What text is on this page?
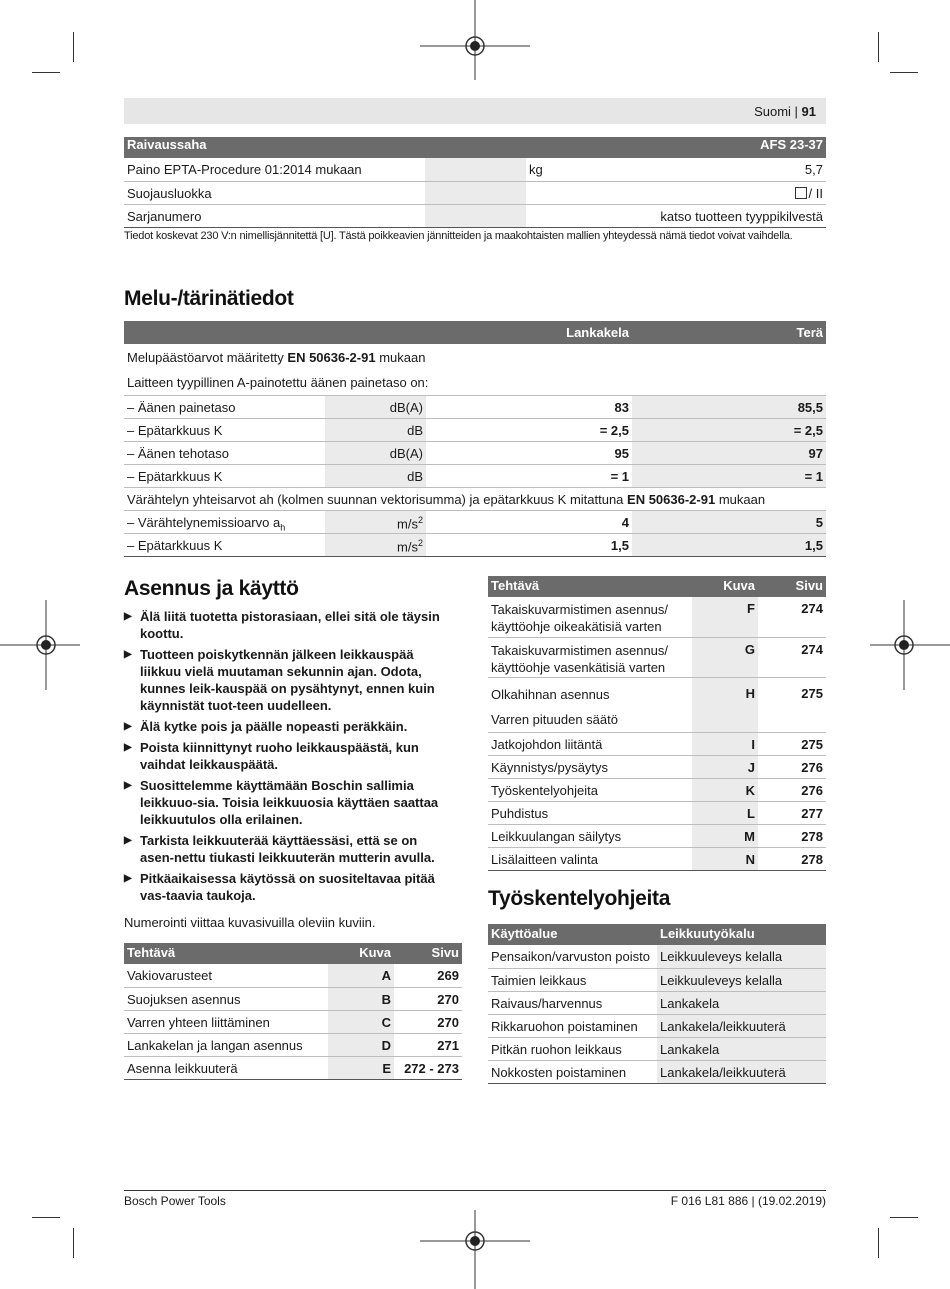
Suomi | 91
Raivaussaha			AFS 23-37
Paino EPTA-Procedure 01:2014 mukaan		kg	5,7
Suojausluokka			/ II
Sarjanumero			katso tuotteen tyyppikilvestä
Tiedot koskevat 230 V:n nimellisjännitettä [U]. Tästä poikkeavien jännitteiden ja maakohtaisten mallien yhteydessä nämä tiedot voivat vaihdella.
Melu-/tärinätiedot
		Lankakela	Terä
Melupäästöarvot määritetty EN 50636-2-91 mukaan			
Laitteen tyypillinen A-painotettu äänen painetaso on:			
– Äänen painetaso	dB(A)	83	85,5
– Epätarkkuus K	dB	= 2,5	= 2,5
– Äänen tehotaso	dB(A)	95	97
– Epätarkkuus K	dB	= 1	= 1
Värähtelyn yhteisarvot ah (kolmen suunnan vektorisumma) ja epätarkkuus K mitattuna EN 50636-2-91 mukaan			
– Värähtelynemissioarvo $a_h$	$m/s^2$	4	5
– Epätarkkuus K	$m/s^2$	1,5	1,5
Asennus ja käyttö
▶ Älä liitä tuotetta pistorasiaan, ellei sitä ole täysin koottu.
▶ Tuotteen poiskytkennän jälkeen leikkauspää liikkuu vielä muutaman sekunnin ajan. Odota, kunnes leik-kauspää on pysähtynyt, ennen kuin käynnistät tuot-teen uudelleen.
▶ Älä kytke pois ja päälle nopeasti peräkkäin.
▶ Poista kiinnittynyt ruoho leikkauspäästä, kun vaihdat leikkauspäätä.
▶ Suosittelemme käyttämään Boschin sallimia leikkuuo-sia. Toisia leikkuuosia käyttäen saattaa leikkuutulos olla erilainen.
▶ Tarkista leikkuuterää käyttäessäsi, että se on asen-nettu tiukasti leikkuuterän mutterin avulla.
▶ Pitkäaikaisessa käytössä on suositeltavaa pitää vas-taavia taukoja.
Numerointi viittaa kuvasivuilla oleviin kuviin.
Tehtävä	Kuva	Sivu
Vakiovarusteet	A	269
Suojuksen asennus	B	270
Varren yhteen liittäminen	C	270
Lankakelan ja langan asennus	D	271
Asenna leikkuuterä	E	272 - 273
Tehtävä	Kuva	Sivu
Takaiskuvarmistimen asennus/
käyttöohje oikeakätisiä varten	F	274
Takaiskuvarmistimen asennus/
käyttöohje vasenkätisiä varten	G	274
Olkahihnan asennus
Varren pituuden säätö	H	275
Jatkojohdon liitäntä	I	275
Käynnistys/pysäytys	J	276
Työskentelyohjeita	K	276
Puhdistus	L	277
Leikkuulangan säilytys	M	278
Lisälaitteen valinta	N	278
Työskentelyohjeita
Käyttöalue	Leikkuutyökalu
Pensaikon/varvuston poisto	Leikkuuleveys kelalla
Taimien leikkaus	Leikkuuleveys kelalla
Raivaus/harvennus	Lankakela
Rikkaruohon poistaminen	Lankakela/leikkuuterä
Pitkän ruohon leikkaus	Lankakela
Nokkosten poistaminen	Lankakela/leikkuuterä
Bosch Power Tools	F 016 L81 886 | (19.02.2019)
